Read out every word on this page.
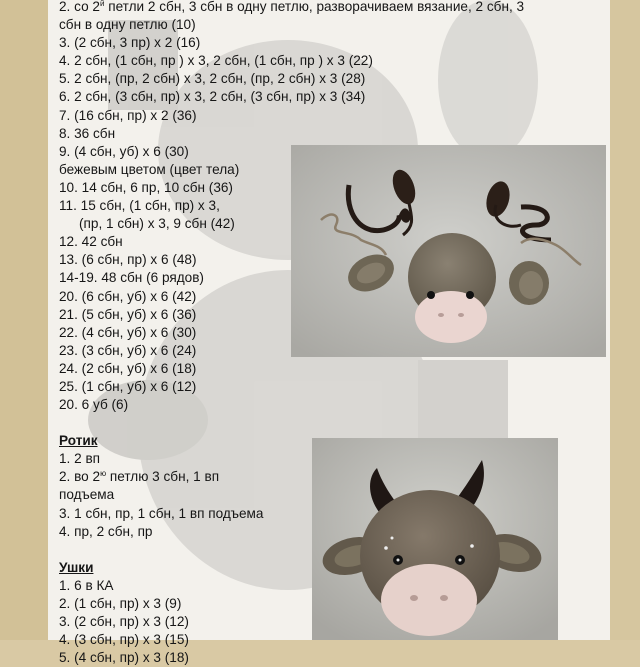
2. со $2^й$ петли 2 сбн, 3 сбн в одну петлю, разворачиваем вязание, 2 сбн, 3
сбн в одну петлю (10)
3. (2 сбн, 3 пр) х 2 (16)
4. 2 сбн, (1 сбн, пр ) х 3, 2 сбн, (1 сбн, пр ) х 3 (22)
5. 2 сбн, (пр, 2 сбн) х 3, 2 сбн, (пр, 2 сбн) х 3 (28)
6. 2 сбн, (3 сбн, пр) х 3, 2 сбн, (3 сбн, пр) х 3 (34)
7. (16 сбн, пр) х 2 (36)
8. 36 сбн
9. (4 сбн, уб) х 6 (30)
бежевым цветом (цвет тела)
10. 14 сбн, 6 пр, 10 сбн (36)
11. 15 сбн, (1 сбн, пр) х 3,
(пр, 1 сбн) х 3, 9 сбн (42)
12. 42 сбн
13. (6 сбн, пр) х 6 (48)
14-19. 48 сбн (6 рядов)
20. (6 сбн, уб) х 6 (42)
21. (5 сбн, уб) х 6 (36)
22. (4 сбн, уб) х 6 (30)
23. (3 сбн, уб) х 6 (24)
24. (2 сбн, уб) х 6 (18)
25. (1 сбн, уб) х 6 (12)
20. 6 уб (6)
Ротик
1. 2 вп
2. во $2^ю$ петлю 3 сбн, 1 вп
подъема
3. 1 сбн, пр, 1 сбн, 1 вп подъема
4. пр, 2 сбн, пр
Ушки
1. 6 в КА
2. (1 сбн, пр) х 3 (9)
3. (2 сбн, пр) х 3 (12)
4. (3 сбн, пр) х 3 (15)
5. (4 сбн, пр) х 3 (18)
